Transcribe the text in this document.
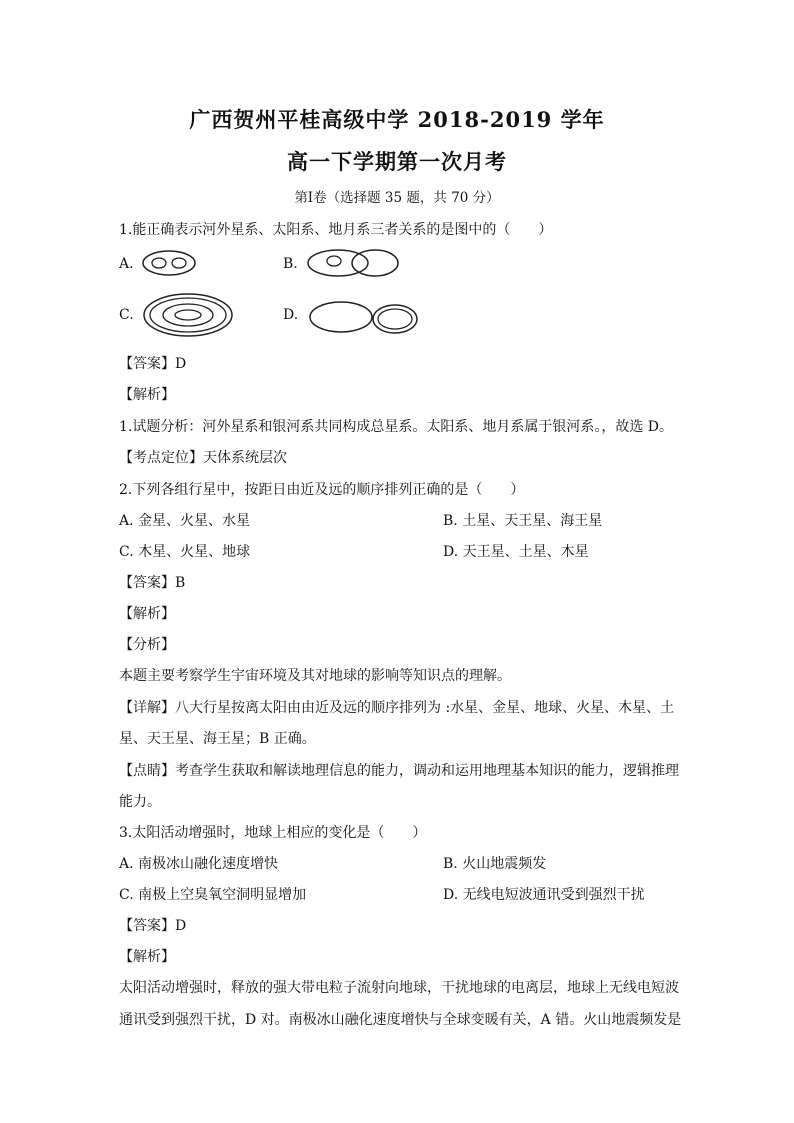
广西贺州平桂高级中学 2018-2019 学年
高一下学期第一次月考
第Ⅰ卷（选择题 35 题，共 70 分）
1.能正确表示河外星系、太阳系、地月系三者关系的是图中的（　　）
A.	B.
C.	D.
【答案】D
【解析】
1.试题分析：河外星系和银河系共同构成总星系。太阳系、地月系属于银河系。，故选 D。
【考点定位】天体系统层次
2.下列各组行星中，按距日由近及远的顺序排列正确的是（　　）
A. 金星、火星、水星	B. 土星、天王星、海王星
C. 木星、火星、地球	D. 天王星、土星、木星
【答案】B
【解析】
【分析】
本题主要考察学生宇宙环境及其对地球的影响等知识点的理解。
【详解】八大行星按离太阳由由近及远的顺序排列为 :水星、金星、地球、火星、木星、土
星、天王星、海王星；B 正确。
【点睛】考查学生获取和解读地理信息的能力，调动和运用地理基本知识的能力，逻辑推理
能力。
3.太阳活动增强时，地球上相应的变化是（　　）
A. 南极冰山融化速度增快	B. 火山地震频发
C. 南极上空臭氧空洞明显增加	D. 无线电短波通讯受到强烈干扰
【答案】D
【解析】
太阳活动增强时，释放的强大带电粒子流射向地球，干扰地球的电离层，地球上无线电短波
通讯受到强烈干扰，D 对。南极冰山融化速度增快与全球变暖有关，A 错。火山地震频发是
